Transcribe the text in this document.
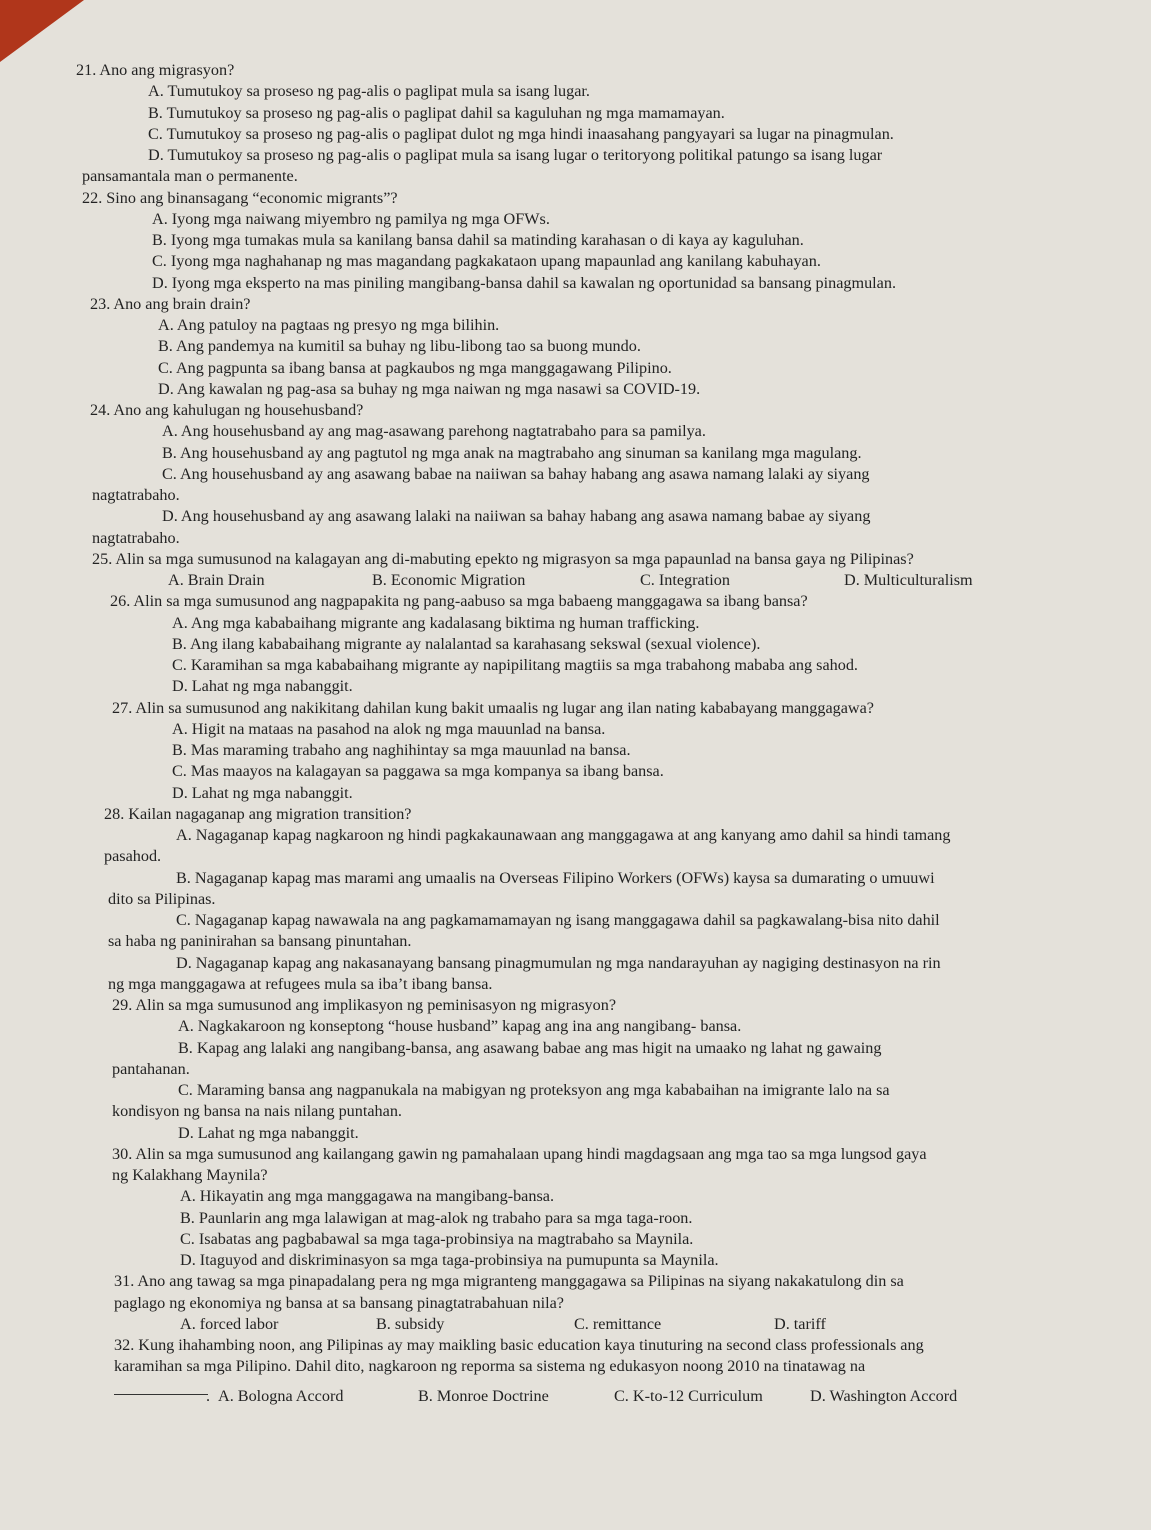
21. Ano ang migrasyon?

A. Tumutukoy sa proseso ng pag-alis o paglipat mula sa isang lugar.

B. Tumutukoy sa proseso ng pag-alis o paglipat dahil sa kaguluhan ng mga mamamayan.

C. Tumutukoy sa proseso ng pag-alis o paglipat dulot ng mga hindi inaasahang pangyayari sa lugar na pinagmulan.

D. Tumutukoy sa proseso ng pag-alis o paglipat mula sa isang lugar o teritoryong politikal patungo sa isang lugar

pansamantala man o permanente.

22. Sino ang binansagang “economic migrants”?

A. Iyong mga naiwang miyembro ng pamilya ng mga OFWs.

B. Iyong mga tumakas mula sa kanilang bansa dahil sa matinding karahasan o di kaya ay kaguluhan.

C. Iyong mga naghahanap ng mas magandang pagkakataon upang mapaunlad ang kanilang kabuhayan.

D. Iyong mga eksperto na mas piniling mangibang-bansa dahil sa kawalan ng oportunidad sa bansang pinagmulan.

23. Ano ang brain drain?

A. Ang patuloy na pagtaas ng presyo ng mga bilihin.

B. Ang pandemya na kumitil sa buhay ng libu-libong tao sa buong mundo.

C. Ang pagpunta sa ibang bansa at pagkaubos ng mga manggagawang Pilipino.

D. Ang kawalan ng pag-asa sa buhay ng mga naiwan ng mga nasawi sa COVID-19.

24. Ano ang kahulugan ng househusband?

A. Ang househusband ay ang mag-asawang parehong nagtatrabaho para sa pamilya.

B. Ang househusband ay ang pagtutol ng mga anak na magtrabaho ang sinuman sa kanilang mga magulang.

C. Ang househusband ay ang asawang babae na naiiwan sa bahay habang ang asawa namang lalaki ay siyang

nagtatrabaho.

D. Ang househusband ay ang asawang lalaki na naiiwan sa bahay habang ang asawa namang babae ay siyang

nagtatrabaho.

25. Alin sa mga sumusunod na kalagayan ang di-mabuting epekto ng migrasyon sa mga papaunlad na bansa gaya ng Pilipinas?

A. Brain Drain	B. Economic Migration	C. Integration	D. Multiculturalism

26. Alin sa mga sumusunod ang nagpapakita ng pang-aabuso sa mga babaeng manggagawa sa ibang bansa?

A. Ang mga kababaihang migrante ang kadalasang biktima ng human trafficking.

B. Ang ilang kababaihang migrante ay nalalantad sa karahasang sekswal (sexual violence).

C. Karamihan sa mga kababaihang migrante ay napipilitang magtiis sa mga trabahong mababa ang sahod.

D. Lahat ng mga nabanggit.

27. Alin sa sumusunod ang nakikitang dahilan kung bakit umaalis ng lugar ang ilan nating kababayang manggagawa?

A. Higit na mataas na pasahod na alok ng mga mauunlad na bansa.

B. Mas maraming trabaho ang naghihintay sa mga mauunlad na bansa.

C. Mas maayos na kalagayan sa paggawa sa mga kompanya sa ibang bansa.

D. Lahat ng mga nabanggit.

28. Kailan nagaganap ang migration transition?

A. Nagaganap kapag nagkaroon ng hindi pagkakaunawaan ang manggagawa at ang kanyang amo dahil sa hindi tamang

pasahod.

B. Nagaganap kapag mas marami ang umaalis na Overseas Filipino Workers (OFWs) kaysa sa dumarating o umuuwi

dito sa Pilipinas.

C. Nagaganap kapag nawawala na ang pagkamamamayan ng isang manggagawa dahil sa pagkawalang-bisa nito dahil

sa haba ng paninirahan sa bansang pinuntahan.

D. Nagaganap kapag ang nakasanayang bansang pinagmumulan ng mga nandarayuhan ay nagiging destinasyon na rin

ng mga manggagawa at refugees mula sa iba’t ibang bansa.

29. Alin sa mga sumusunod ang implikasyon ng peminisasyon ng migrasyon?

A. Nagkakaroon ng konseptong “house husband” kapag ang ina ang nangibang- bansa.

B. Kapag ang lalaki ang nangibang-bansa, ang asawang babae ang mas higit na umaako ng lahat ng gawaing

pantahanan.

C. Maraming bansa ang nagpanukala na mabigyan ng proteksyon ang mga kababaihan na imigrante lalo na sa

kondisyon ng bansa na nais nilang puntahan.

D. Lahat ng mga nabanggit.

30. Alin sa mga sumusunod ang kailangang gawin ng pamahalaan upang hindi magdagsaan ang mga tao sa mga lungsod gaya

ng Kalakhang Maynila?

A. Hikayatin ang mga manggagawa na mangibang-bansa.

B. Paunlarin ang mga lalawigan at mag-alok ng trabaho para sa mga taga-roon.

C. Isabatas ang pagbabawal sa mga taga-probinsiya na magtrabaho sa Maynila.

D. Itaguyod and diskriminasyon sa mga taga-probinsiya na pumupunta sa Maynila.

31. Ano ang tawag sa mga pinapadalang pera ng mga migranteng manggagawa sa Pilipinas na siyang nakakatulong din sa

paglago ng ekonomiya ng bansa at sa bansang pinagtatrabahuan nila?

A. forced labor	B. subsidy	C. remittance	D. tariff

32. Kung ihahambing noon, ang Pilipinas ay may maikling basic education kaya tinuturing na second class professionals ang

karamihan sa mga Pilipino. Dahil dito, nagkaroon ng reporma sa sistema ng edukasyon noong 2010 na tinatawag na

. A. Bologna Accord	B. Monroe Doctrine	C. K-to-12 Curriculum	D. Washington Accord
